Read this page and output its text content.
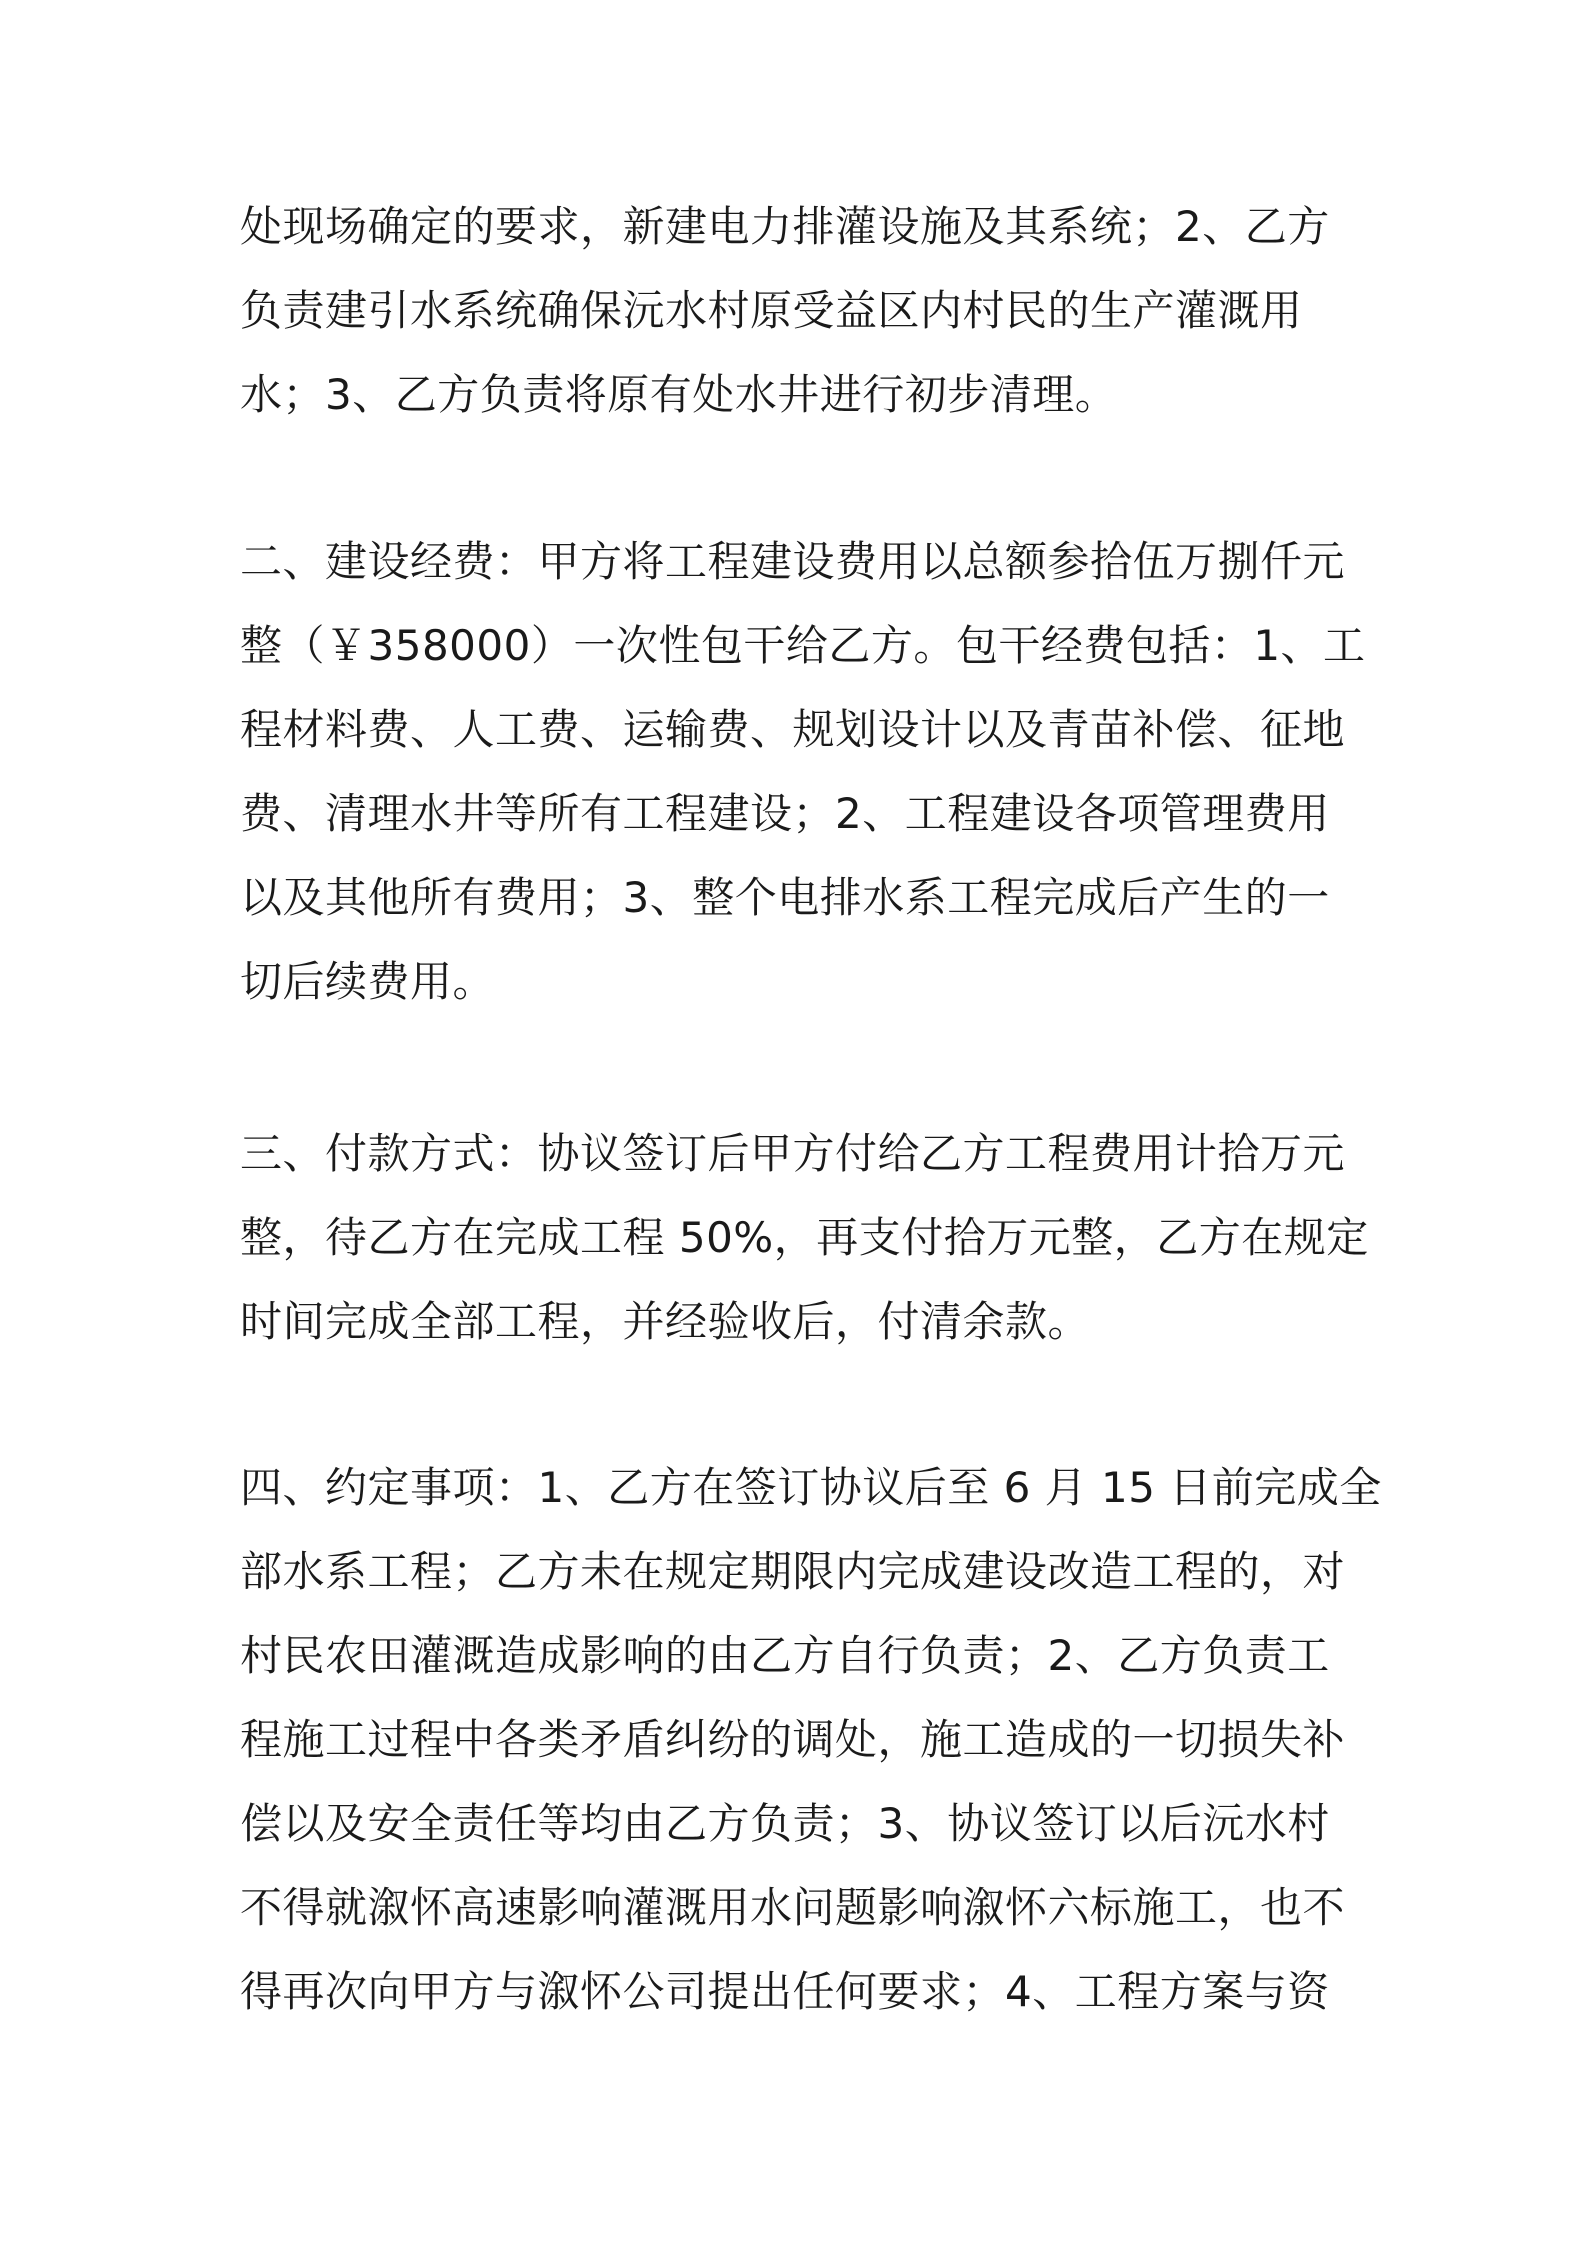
处现场确定的要求，新建电力排灌设施及其系统；2、乙方
负责建引水系统确保沅水村原受益区内村民的生产灌溉用
水；3、乙方负责将原有处水井进行初步清理。
二、建设经费：甲方将工程建设费用以总额参拾伍万捌仟元
整（￥358000）一次性包干给乙方。包干经费包括：1、工
程材料费、人工费、运输费、规划设计以及青苗补偿、征地
费、清理水井等所有工程建设；2、工程建设各项管理费用
以及其他所有费用；3、整个电排水系工程完成后产生的一
切后续费用。
三、付款方式：协议签订后甲方付给乙方工程费用计拾万元
整，待乙方在完成工程 50%，再支付拾万元整，乙方在规定
时间完成全部工程，并经验收后，付清余款。
四、约定事项：1、乙方在签订协议后至 6 月 15 日前完成全
部水系工程；乙方未在规定期限内完成建设改造工程的，对
村民农田灌溉造成影响的由乙方自行负责；2、乙方负责工
程施工过程中各类矛盾纠纷的调处，施工造成的一切损失补
偿以及安全责任等均由乙方负责；3、协议签订以后沅水村
不得就溆怀高速影响灌溉用水问题影响溆怀六标施工，也不
得再次向甲方与溆怀公司提出任何要求；4、工程方案与资
